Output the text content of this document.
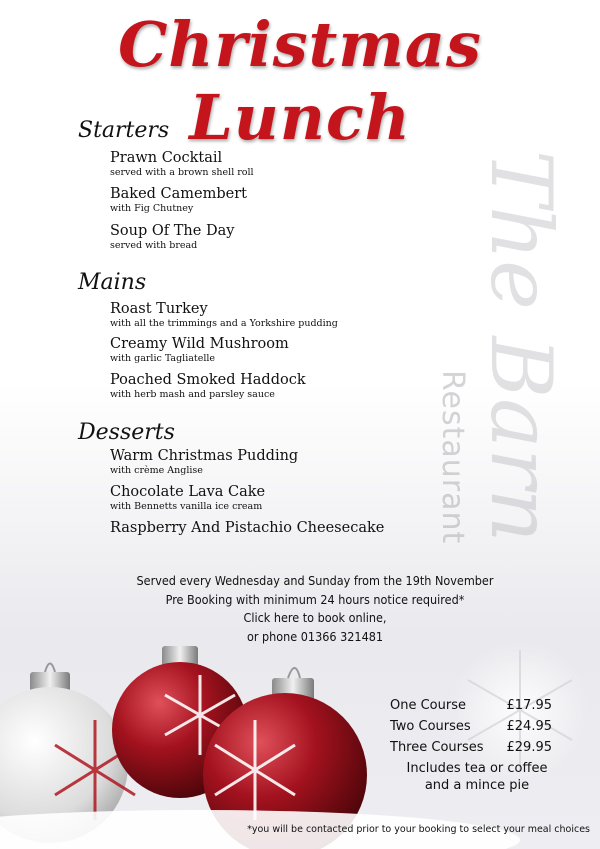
The Barn
Restaurant
Christmas Lunch
Starters
Prawn Cocktail
served with a brown shell roll
Baked Camembert
with Fig Chutney
Soup Of The Day
served with bread
Mains
Roast Turkey
with all the trimmings and a Yorkshire pudding
Creamy Wild Mushroom
with garlic Tagliatelle
Poached Smoked Haddock
with herb mash and parsley sauce
Desserts
Warm Christmas Pudding
with crème Anglise
Chocolate Lava Cake
with Bennetts vanilla ice cream
Raspberry And Pistachio Cheesecake
Served every Wednesday and Sunday from the 19th November
Pre Booking with minimum 24 hours notice required*
Click here to book online,
or phone 01366 321481
One Course	£17.95
Two Courses	£24.95
Three Courses £29.95
Includes tea or coffee
and a mince pie
*you will be contacted prior to your booking to select your meal choices
